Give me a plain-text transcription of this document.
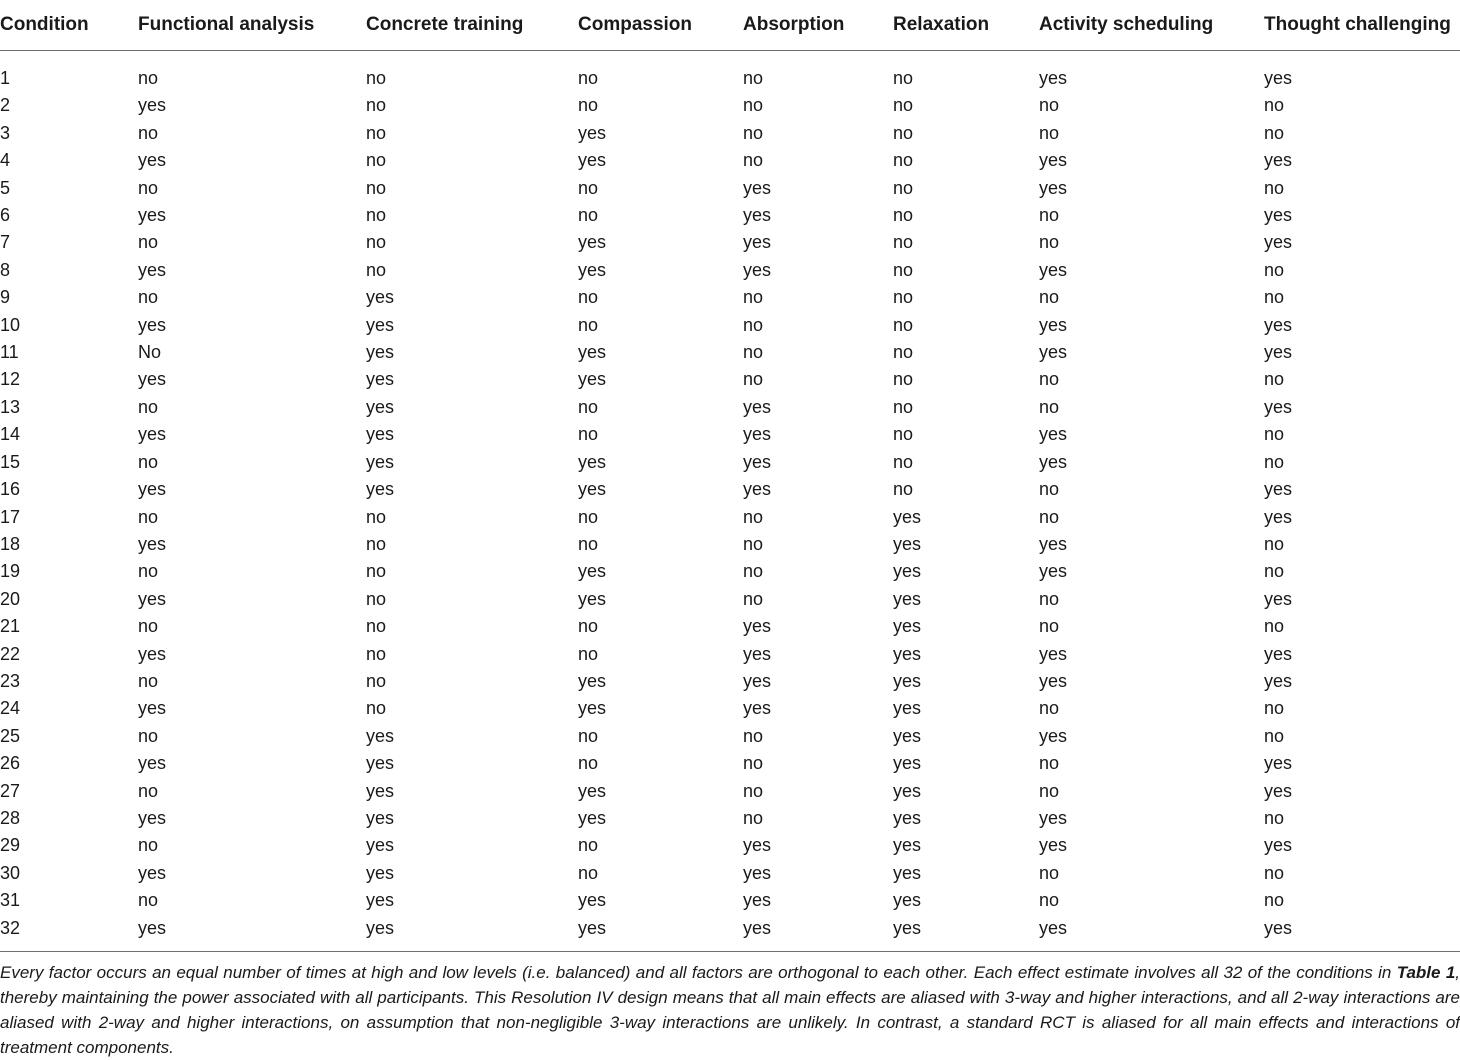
Condition	Functional analysis	Concrete training	Compassion	Absorption	Relaxation	Activity scheduling	Thought challenging
1	no	no	no	no	no	yes	yes
2	yes	no	no	no	no	no	no
3	no	no	yes	no	no	no	no
4	yes	no	yes	no	no	yes	yes
5	no	no	no	yes	no	yes	no
6	yes	no	no	yes	no	no	yes
7	no	no	yes	yes	no	no	yes
8	yes	no	yes	yes	no	yes	no
9	no	yes	no	no	no	no	no
10	yes	yes	no	no	no	yes	yes
11	No	yes	yes	no	no	yes	yes
12	yes	yes	yes	no	no	no	no
13	no	yes	no	yes	no	no	yes
14	yes	yes	no	yes	no	yes	no
15	no	yes	yes	yes	no	yes	no
16	yes	yes	yes	yes	no	no	yes
17	no	no	no	no	yes	no	yes
18	yes	no	no	no	yes	yes	no
19	no	no	yes	no	yes	yes	no
20	yes	no	yes	no	yes	no	yes
21	no	no	no	yes	yes	no	no
22	yes	no	no	yes	yes	yes	yes
23	no	no	yes	yes	yes	yes	yes
24	yes	no	yes	yes	yes	no	no
25	no	yes	no	no	yes	yes	no
26	yes	yes	no	no	yes	no	yes
27	no	yes	yes	no	yes	no	yes
28	yes	yes	yes	no	yes	yes	no
29	no	yes	no	yes	yes	yes	yes
30	yes	yes	no	yes	yes	no	no
31	no	yes	yes	yes	yes	no	no
32	yes	yes	yes	yes	yes	yes	yes

Every factor occurs an equal number of times at high and low levels (i.e. balanced) and all factors are orthogonal to each other. Each effect estimate involves all 32 of the conditions in Table 1, thereby maintaining the power associated with all participants. This Resolution IV design means that all main effects are aliased with 3-way and higher interactions, and all 2-way interactions are aliased with 2-way and higher interactions, on assumption that non-negligible 3-way interactions are unlikely. In contrast, a standard RCT is aliased for all main effects and interactions of treatment components.
